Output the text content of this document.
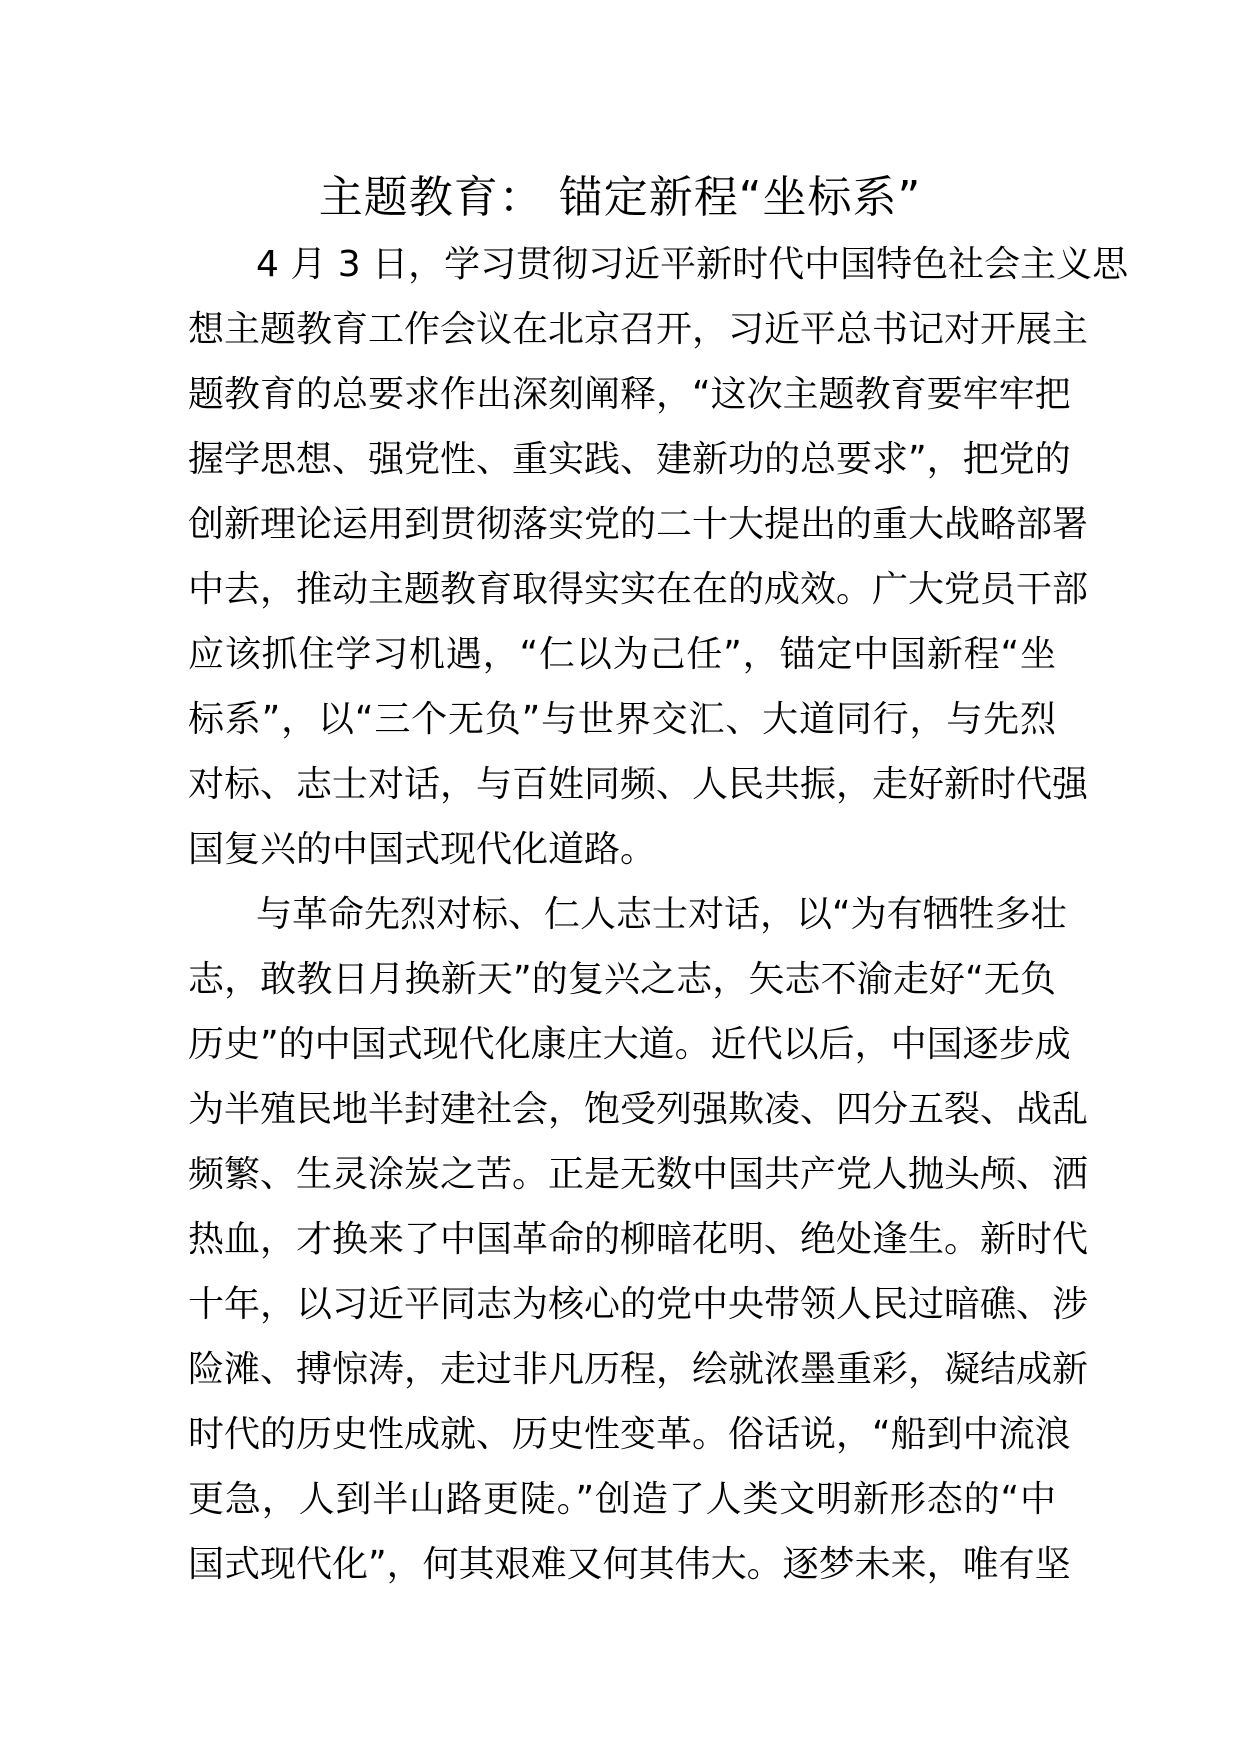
主题教育： 锚定新程“坐标系”
4 月 3 日，学习贯彻习近平新时代中国特色社会主义思
想主题教育工作会议在北京召开，习近平总书记对开展主
题教育的总要求作出深刻阐释，“这次主题教育要牢牢把
握学思想、强党性、重实践、建新功的总要求”，把党的
创新理论运用到贯彻落实党的二十大提出的重大战略部署
中去，推动主题教育取得实实在在的成效。广大党员干部
应该抓住学习机遇，“仁以为己任”，锚定中国新程“坐
标系”，以“三个无负”与世界交汇、大道同行，与先烈
对标、志士对话，与百姓同频、人民共振，走好新时代强
国复兴的中国式现代化道路。
与革命先烈对标、仁人志士对话，以“为有牺牲多壮
志，敢教日月换新天”的复兴之志，矢志不渝走好“无负
历史”的中国式现代化康庄大道。近代以后，中国逐步成
为半殖民地半封建社会，饱受列强欺凌、四分五裂、战乱
频繁、生灵涂炭之苦。正是无数中国共产党人抛头颅、洒
热血，才换来了中国革命的柳暗花明、绝处逢生。新时代
十年，以习近平同志为核心的党中央带领人民过暗礁、涉
险滩、搏惊涛，走过非凡历程，绘就浓墨重彩，凝结成新
时代的历史性成就、历史性变革。俗话说，“船到中流浪
更急，人到半山路更陡。”创造了人类文明新形态的“中
国式现代化”，何其艰难又何其伟大。逐梦未来，唯有坚
